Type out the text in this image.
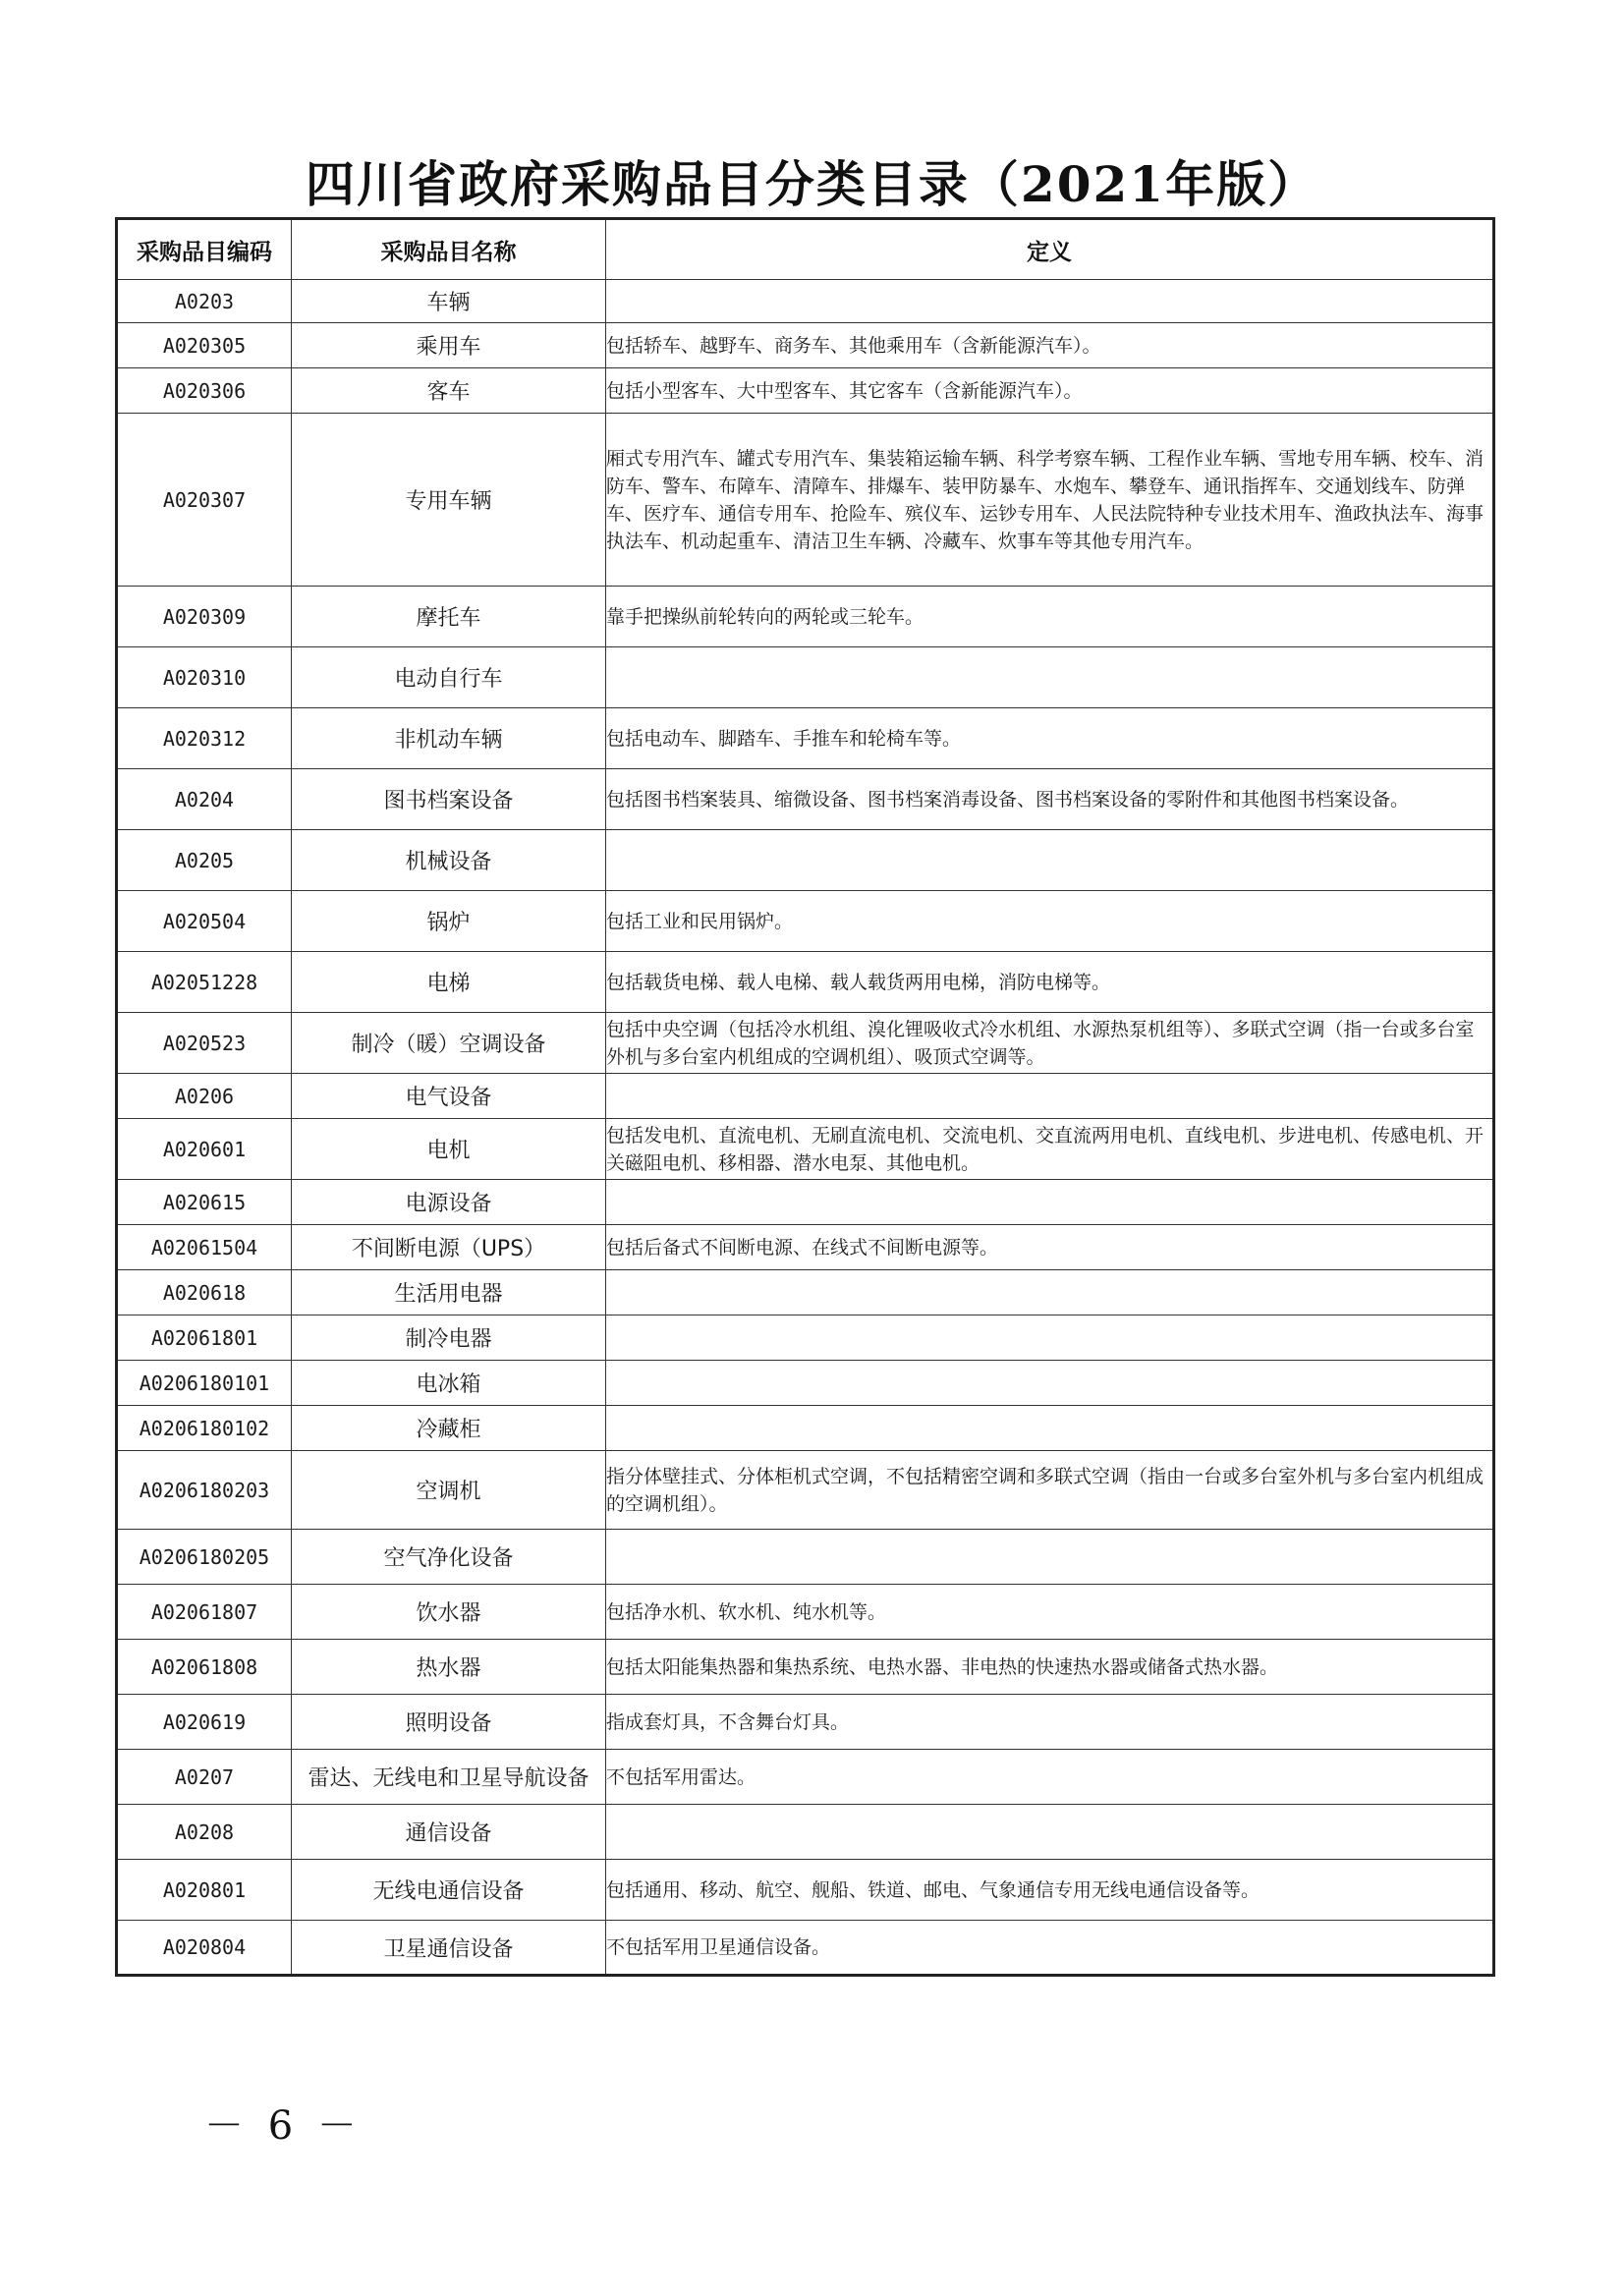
四川省政府采购品目分类目录（2021年版）
采购品目编码	采购品目名称	定义
A0203	车辆	
A020305	乘用车	包括轿车、越野车、商务车、其他乘用车（含新能源汽车）。
A020306	客车	包括小型客车、大中型客车、其它客车（含新能源汽车）。
A020307	专用车辆	厢式专用汽车、罐式专用汽车、集装箱运输车辆、科学考察车辆、工程作业车辆、雪地专用车辆、校车、消防车、警车、布障车、清障车、排爆车、装甲防暴车、水炮车、攀登车、通讯指挥车、交通划线车、防弹车、医疗车、通信专用车、抢险车、殡仪车、运钞专用车、人民法院特种专业技术用车、渔政执法车、海事执法车、机动起重车、清洁卫生车辆、冷藏车、炊事车等其他专用汽车。
A020309	摩托车	靠手把操纵前轮转向的两轮或三轮车。
A020310	电动自行车	
A020312	非机动车辆	包括电动车、脚踏车、手推车和轮椅车等。
A0204	图书档案设备	包括图书档案装具、缩微设备、图书档案消毒设备、图书档案设备的零附件和其他图书档案设备。
A0205	机械设备	
A020504	锅炉	包括工业和民用锅炉。
A02051228	电梯	包括载货电梯、载人电梯、载人载货两用电梯，消防电梯等。
A020523	制冷（暖）空调设备	包括中央空调（包括冷水机组、溴化锂吸收式冷水机组、水源热泵机组等）、多联式空调（指一台或多台室外机与多台室内机组成的空调机组）、吸顶式空调等。
A0206	电气设备	
A020601	电机	包括发电机、直流电机、无刷直流电机、交流电机、交直流两用电机、直线电机、步进电机、传感电机、开关磁阻电机、移相器、潜水电泵、其他电机。
A020615	电源设备	
A02061504	不间断电源（UPS）	包括后备式不间断电源、在线式不间断电源等。
A020618	生活用电器	
A02061801	制冷电器	
A0206180101	电冰箱	
A0206180102	冷藏柜	
A0206180203	空调机	指分体壁挂式、分体柜机式空调，不包括精密空调和多联式空调（指由一台或多台室外机与多台室内机组成的空调机组）。
A0206180205	空气净化设备	
A02061807	饮水器	包括净水机、软水机、纯水机等。
A02061808	热水器	包括太阳能集热器和集热系统、电热水器、非电热的快速热水器或储备式热水器。
A020619	照明设备	指成套灯具，不含舞台灯具。
A0207	雷达、无线电和卫星导航设备	不包括军用雷达。
A0208	通信设备	
A020801	无线电通信设备	包括通用、移动、航空、舰船、铁道、邮电、气象通信专用无线电通信设备等。
A020804	卫星通信设备	不包括军用卫星通信设备。
－ 6 －
